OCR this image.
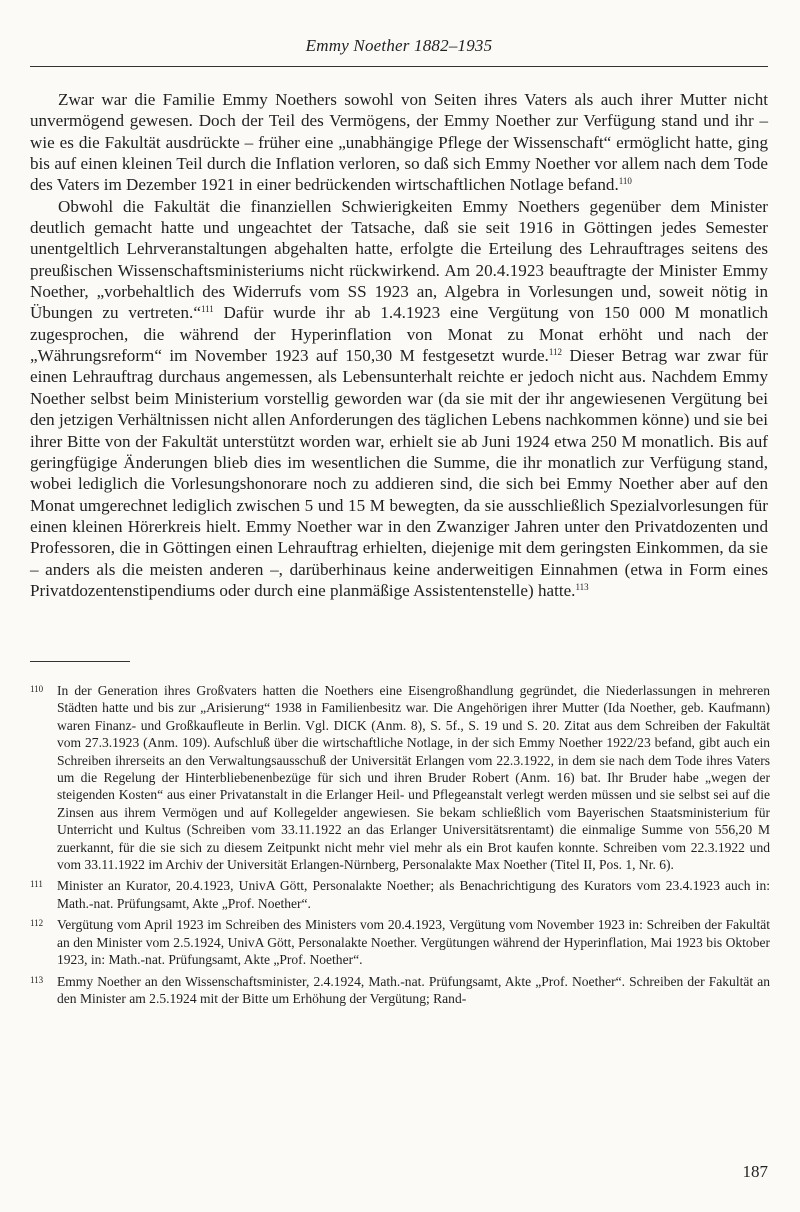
Emmy Noether 1882–1935

Zwar war die Familie Emmy Noethers sowohl von Seiten ihres Vaters als auch ihrer Mutter nicht unvermögend gewesen. Doch der Teil des Vermögens, der Emmy Noether zur Verfügung stand und ihr – wie es die Fakultät ausdrückte – früher eine „unabhängige Pflege der Wissenschaft“ ermöglicht hatte, ging bis auf einen kleinen Teil durch die Inflation verloren, so daß sich Emmy Noether vor allem nach dem Tode des Vaters im Dezember 1921 in einer bedrückenden wirtschaftlichen Notlage befand.$^{110}$

Obwohl die Fakultät die finanziellen Schwierigkeiten Emmy Noethers gegenüber dem Minister deutlich gemacht hatte und ungeachtet der Tatsache, daß sie seit 1916 in Göttingen jedes Semester unentgeltlich Lehrveranstaltungen abgehalten hatte, erfolgte die Erteilung des Lehrauftrages seitens des preußischen Wissenschaftsministeriums nicht rückwirkend. Am 20.4.1923 beauftragte der Minister Emmy Noether, „vorbehaltlich des Widerrufs vom SS 1923 an, Algebra in Vorlesungen und, soweit nötig in Übungen zu vertreten.“$^{111}$ Dafür wurde ihr ab 1.4.1923 eine Vergütung von 150 000 M monatlich zugesprochen, die während der Hyperinflation von Monat zu Monat erhöht und nach der „Währungsreform“ im November 1923 auf 150,30 M festgesetzt wurde.$^{112}$ Dieser Betrag war zwar für einen Lehrauftrag durchaus angemessen, als Lebensunterhalt reichte er jedoch nicht aus. Nachdem Emmy Noether selbst beim Ministerium vorstellig geworden war (da sie mit der ihr angewiesenen Vergütung bei den jetzigen Verhältnissen nicht allen Anforderungen des täglichen Lebens nachkommen könne) und sie bei ihrer Bitte von der Fakultät unterstützt worden war, erhielt sie ab Juni 1924 etwa 250 M monatlich. Bis auf geringfügige Änderungen blieb dies im wesentlichen die Summe, die ihr monatlich zur Verfügung stand, wobei lediglich die Vorlesungshonorare noch zu addieren sind, die sich bei Emmy Noether aber auf den Monat umgerechnet lediglich zwischen 5 und 15 M bewegten, da sie ausschließlich Spezialvorlesungen für einen kleinen Hörerkreis hielt. Emmy Noether war in den Zwanziger Jahren unter den Privatdozenten und Professoren, die in Göttingen einen Lehrauftrag erhielten, diejenige mit dem geringsten Einkommen, da sie – anders als die meisten anderen –, darüberhinaus keine anderweitigen Einnahmen (etwa in Form eines Privatdozentenstipendiums oder durch eine planmäßige Assistentenstelle) hatte.$^{113}$

110 In der Generation ihres Großvaters hatten die Noethers eine Eisengroßhandlung gegründet, die Niederlassungen in mehreren Städten hatte und bis zur „Arisierung“ 1938 in Familienbesitz war. Die Angehörigen ihrer Mutter (Ida Noether, geb. Kaufmann) waren Finanz- und Großkaufleute in Berlin. Vgl. DICK (Anm. 8), S. 5f., S. 19 und S. 20. Zitat aus dem Schreiben der Fakultät vom 27.3.1923 (Anm. 109). Aufschluß über die wirtschaftliche Notlage, in der sich Emmy Noether 1922/23 befand, gibt auch ein Schreiben ihrerseits an den Verwaltungsausschuß der Universität Erlangen vom 22.3.1922, in dem sie nach dem Tode ihres Vaters um die Regelung der Hinterbliebenenbezüge für sich und ihren Bruder Robert (Anm. 16) bat. Ihr Bruder habe „wegen der steigenden Kosten“ aus einer Privatanstalt in die Erlanger Heil- und Pflegeanstalt verlegt werden müssen und sie selbst sei auf die Zinsen aus ihrem Vermögen und auf Kollegelder angewiesen. Sie bekam schließlich vom Bayerischen Staatsministerium für Unterricht und Kultus (Schreiben vom 33.11.1922 an das Erlanger Universitätsrentamt) die einmalige Summe von 556,20 M zuerkannt, für die sie sich zu diesem Zeitpunkt nicht mehr viel mehr als ein Brot kaufen konnte. Schreiben vom 22.3.1922 und vom 33.11.1922 im Archiv der Universität Erlangen-Nürnberg, Personalakte Max Noether (Titel II, Pos. 1, Nr. 6).
111 Minister an Kurator, 20.4.1923, UnivA Gött, Personalakte Noether; als Benachrichtigung des Kurators vom 23.4.1923 auch in: Math.-nat. Prüfungsamt, Akte „Prof. Noether“.
112 Vergütung vom April 1923 im Schreiben des Ministers vom 20.4.1923, Vergütung vom November 1923 in: Schreiben der Fakultät an den Minister vom 2.5.1924, UnivA Gött, Personalakte Noether. Vergütungen während der Hyperinflation, Mai 1923 bis Oktober 1923, in: Math.-nat. Prüfungsamt, Akte „Prof. Noether“.
113 Emmy Noether an den Wissenschaftsminister, 2.4.1924, Math.-nat. Prüfungsamt, Akte „Prof. Noether“. Schreiben der Fakultät an den Minister am 2.5.1924 mit der Bitte um Erhöhung der Vergütung; Rand-
187
